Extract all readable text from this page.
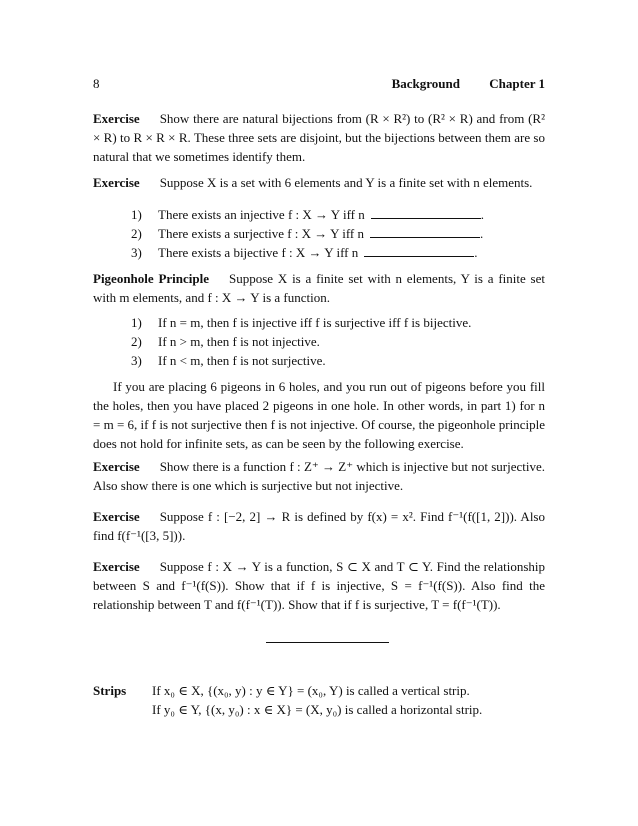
8	Background Chapter 1
Exercise Show there are natural bijections from (R × R²) to (R² × R) and from (R² × R) to R × R × R. These three sets are disjoint, but the bijections between them are so natural that we sometimes identify them.
Exercise Suppose X is a set with 6 elements and Y is a finite set with n elements.
1) There exists an injective f : X → Y iff n	.
2) There exists a surjective f : X → Y iff n	.
3) There exists a bijective f : X → Y iff n	.
Pigeonhole Principle Suppose X is a finite set with n elements, Y is a finite set with m elements, and f : X → Y is a function.
1) If n = m, then f is injective iff f is surjective iff f is bijective.
2) If n > m, then f is not injective.
3) If n < m, then f is not surjective.
If you are placing 6 pigeons in 6 holes, and you run out of pigeons before you fill the holes, then you have placed 2 pigeons in one hole. In other words, in part 1) for n = m = 6, if f is not surjective then f is not injective. Of course, the pigeonhole principle does not hold for infinite sets, as can be seen by the following exercise.
Exercise Show there is a function f : Z⁺ → Z⁺ which is injective but not surjective. Also show there is one which is surjective but not injective.
Exercise Suppose f : [−2, 2] → R is defined by f(x) = x². Find f⁻¹(f([1, 2])). Also find f(f⁻¹([3, 5])).
Exercise Suppose f : X → Y is a function, S ⊂ X and T ⊂ Y. Find the relationship between S and f⁻¹(f(S)). Show that if f is injective, S = f⁻¹(f(S)). Also find the relationship between T and f(f⁻¹(T)). Show that if f is surjective, T = f(f⁻¹(T)).
Strips If x₀ ∈ X, {(x₀, y) : y ∈ Y} = (x₀, Y) is called a vertical strip.
If y₀ ∈ Y, {(x, y₀) : x ∈ X} = (X, y₀) is called a horizontal strip.
